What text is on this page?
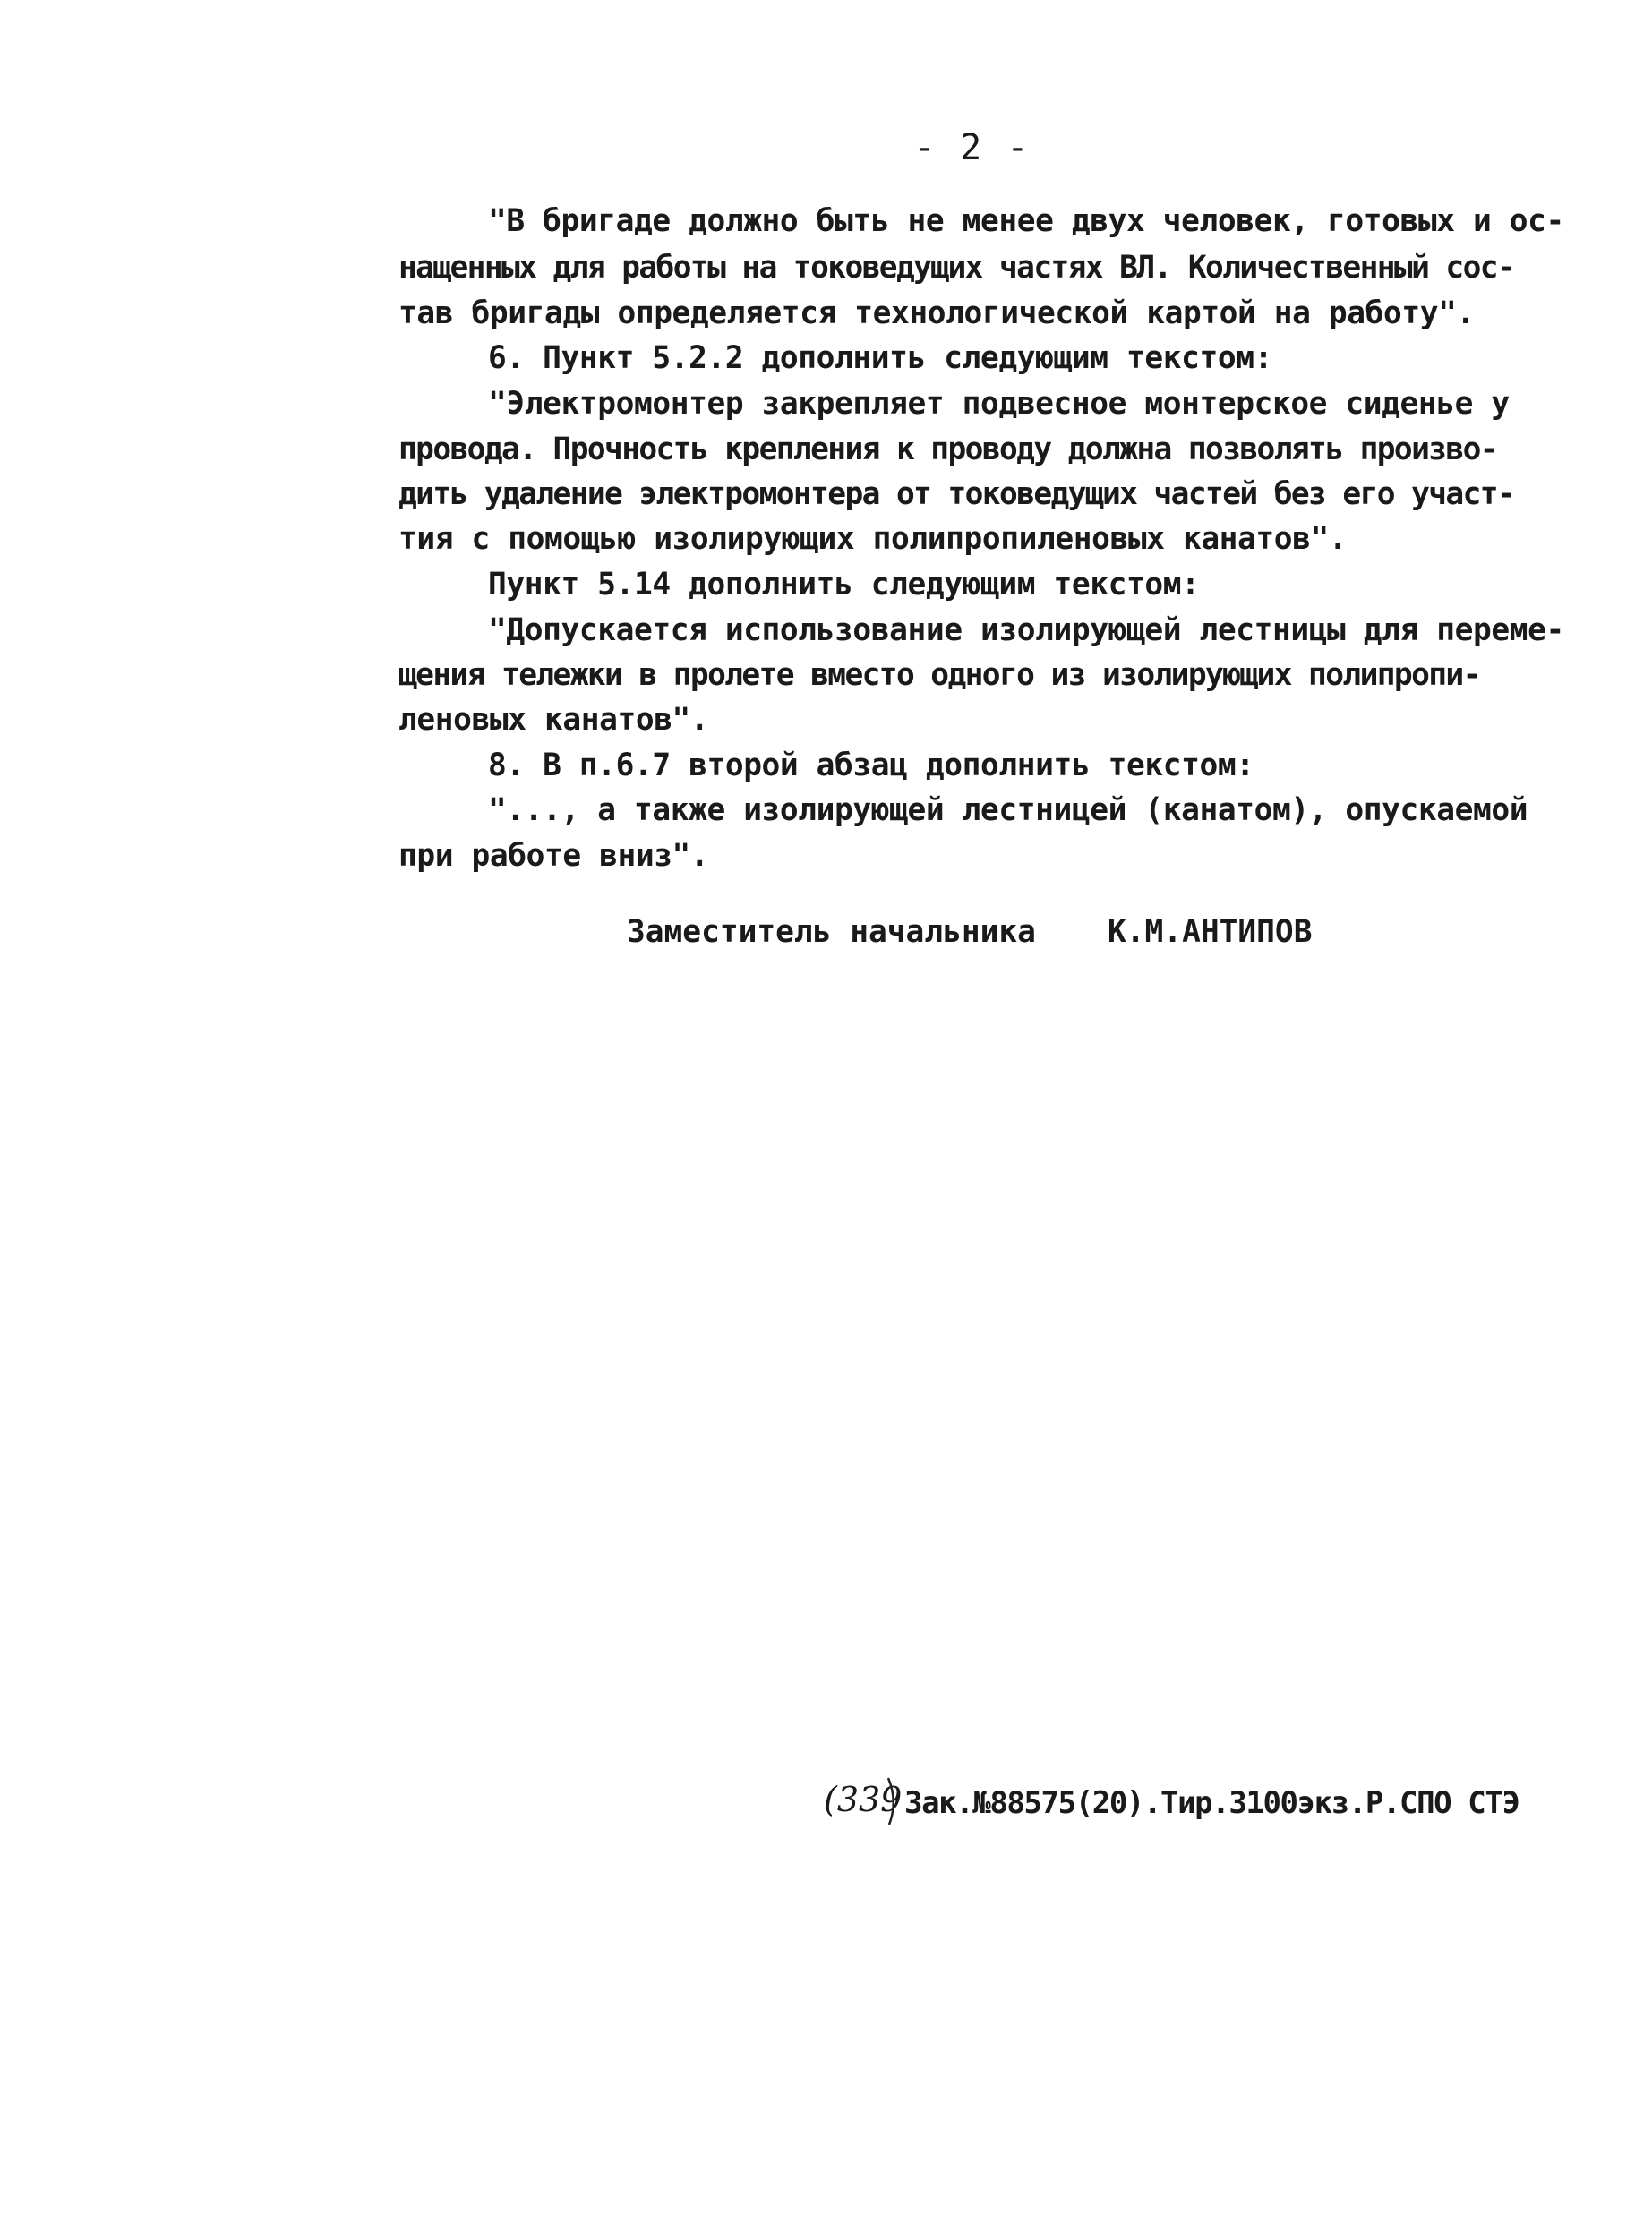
- 2 -
"В бригаде должно быть не менее двух человек, готовых и ос-
нащенных для работы на токоведущих частях ВЛ. Количественный сос-
тав бригады определяется технологической картой на работу".
6. Пункт 5.2.2 дополнить следующим текстом:
"Электромонтер закрепляет подвесное монтерское сиденье у
провода. Прочность крепления к проводу должна позволять произво-
дить удаление электромонтера от токоведущих частей без его участ-
тия с помощью изолирующих полипропиленовых канатов".
Пункт 5.14 дополнить следующим текстом:
"Допускается использование изолирующей лестницы для переме-
щения тележки в пролете вместо одного из изолирующих полипропи-
леновых канатов".
8. В п.6.7 второй абзац дополнить текстом:
"..., а также изолирующей лестницей (канатом), опускаемой
при работе вниз".
Заместитель начальника К.М.АНТИПОВ
(339 Зак.№88575(20).Тир.3100экз.Р.СПО СТЭ
